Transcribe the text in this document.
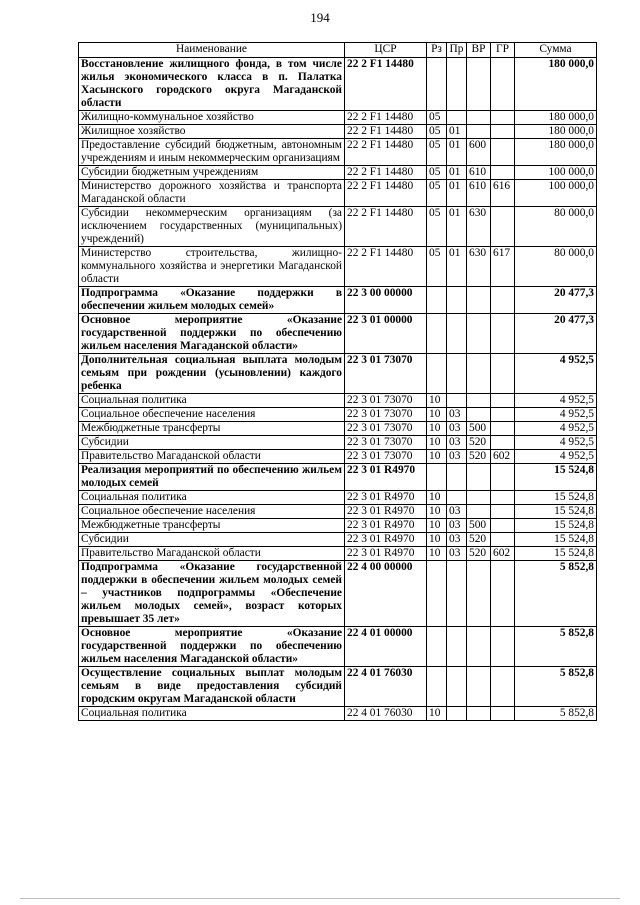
194
Наименование	ЦСР	Рз	Пр	ВР	ГР	Сумма
Восстановление жилищного фонда, в том числе жилья экономического класса в п. Палатка Хасынского городского округа Магаданской области	22 2 F1 14480					180 000,0
Жилищно-коммунальное хозяйство	22 2 F1 14480	05				180 000,0
Жилищное хозяйство	22 2 F1 14480	05	01			180 000,0
Предоставление субсидий бюджетным, автономным учреждениям и иным некоммерческим организациям	22 2 F1 14480	05	01	600		180 000,0
Субсидии бюджетным учреждениям	22 2 F1 14480	05	01	610		100 000,0
Министерство дорожного хозяйства и транспорта Магаданской области	22 2 F1 14480	05	01	610	616	100 000,0
Субсидии некоммерческим организациям (за исключением государственных (муниципальных) учреждений)	22 2 F1 14480	05	01	630		80 000,0
Министерство строительства, жилищно-коммунального хозяйства и энергетики Магаданской области	22 2 F1 14480	05	01	630	617	80 000,0
Подпрограмма «Оказание поддержки в обеспечении жильем молодых семей»	22 3 00 00000					20 477,3
Основное мероприятие «Оказание государственной поддержки по обеспечению жильем населения Магаданской области»	22 3 01 00000					20 477,3
Дополнительная социальная выплата молодым семьям при рождении (усыновлении) каждого ребенка	22 3 01 73070					4 952,5
Социальная политика	22 3 01 73070	10				4 952,5
Социальное обеспечение населения	22 3 01 73070	10	03			4 952,5
Межбюджетные трансферты	22 3 01 73070	10	03	500		4 952,5
Субсидии	22 3 01 73070	10	03	520		4 952,5
Правительство Магаданской области	22 3 01 73070	10	03	520	602	4 952,5
Реализация мероприятий по обеспечению жильем молодых семей	22 3 01 R4970					15 524,8
Социальная политика	22 3 01 R4970	10				15 524,8
Социальное обеспечение населения	22 3 01 R4970	10	03			15 524,8
Межбюджетные трансферты	22 3 01 R4970	10	03	500		15 524,8
Субсидии	22 3 01 R4970	10	03	520		15 524,8
Правительство Магаданской области	22 3 01 R4970	10	03	520	602	15 524,8
Подпрограмма «Оказание государственной поддержки в обеспечении жильем молодых семей – участников подпрограммы «Обеспечение жильем молодых семей», возраст которых превышает 35 лет»	22 4 00 00000					5 852,8
Основное мероприятие «Оказание государственной поддержки по обеспечению жильем населения Магаданской области»	22 4 01 00000					5 852,8
Осуществление социальных выплат молодым семьям в виде предоставления субсидий городским округам Магаданской области	22 4 01 76030					5 852,8
Социальная политика	22 4 01 76030	10				5 852,8
